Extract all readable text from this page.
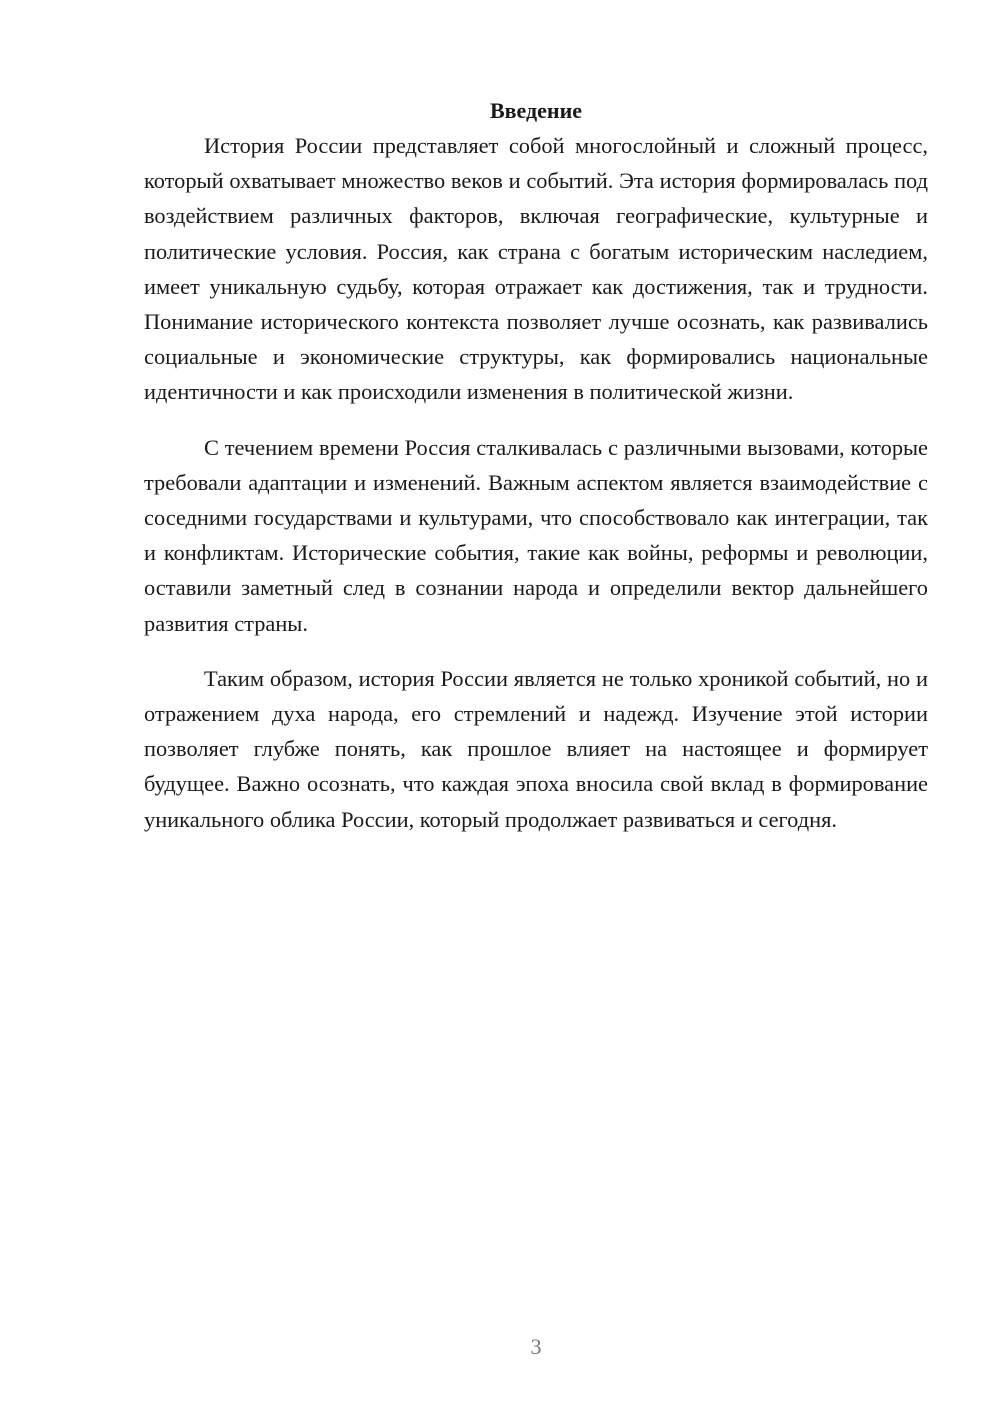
Введение

История России представляет собой многослойный и сложный процесс, который охватывает множество веков и событий. Эта история формировалась под воздействием различных факторов, включая географические, культурные и политические условия. Россия, как страна с богатым историческим наследием, имеет уникальную судьбу, которая отражает как достижения, так и трудности. Понимание исторического контекста позволяет лучше осознать, как развивались социальные и экономические структуры, как формировались национальные идентичности и как происходили изменения в политической жизни.

С течением времени Россия сталкивалась с различными вызовами, которые требовали адаптации и изменений. Важным аспектом является взаимодействие с соседними государствами и культурами, что способствовало как интеграции, так и конфликтам. Исторические события, такие как войны, реформы и революции, оставили заметный след в сознании народа и определили вектор дальнейшего развития страны.

Таким образом, история России является не только хроникой событий, но и отражением духа народа, его стремлений и надежд. Изучение этой истории позволяет глубже понять, как прошлое влияет на настоящее и формирует будущее. Важно осознать, что каждая эпоха вносила свой вклад в формирование уникального облика России, который продолжает развиваться и сегодня.

3
